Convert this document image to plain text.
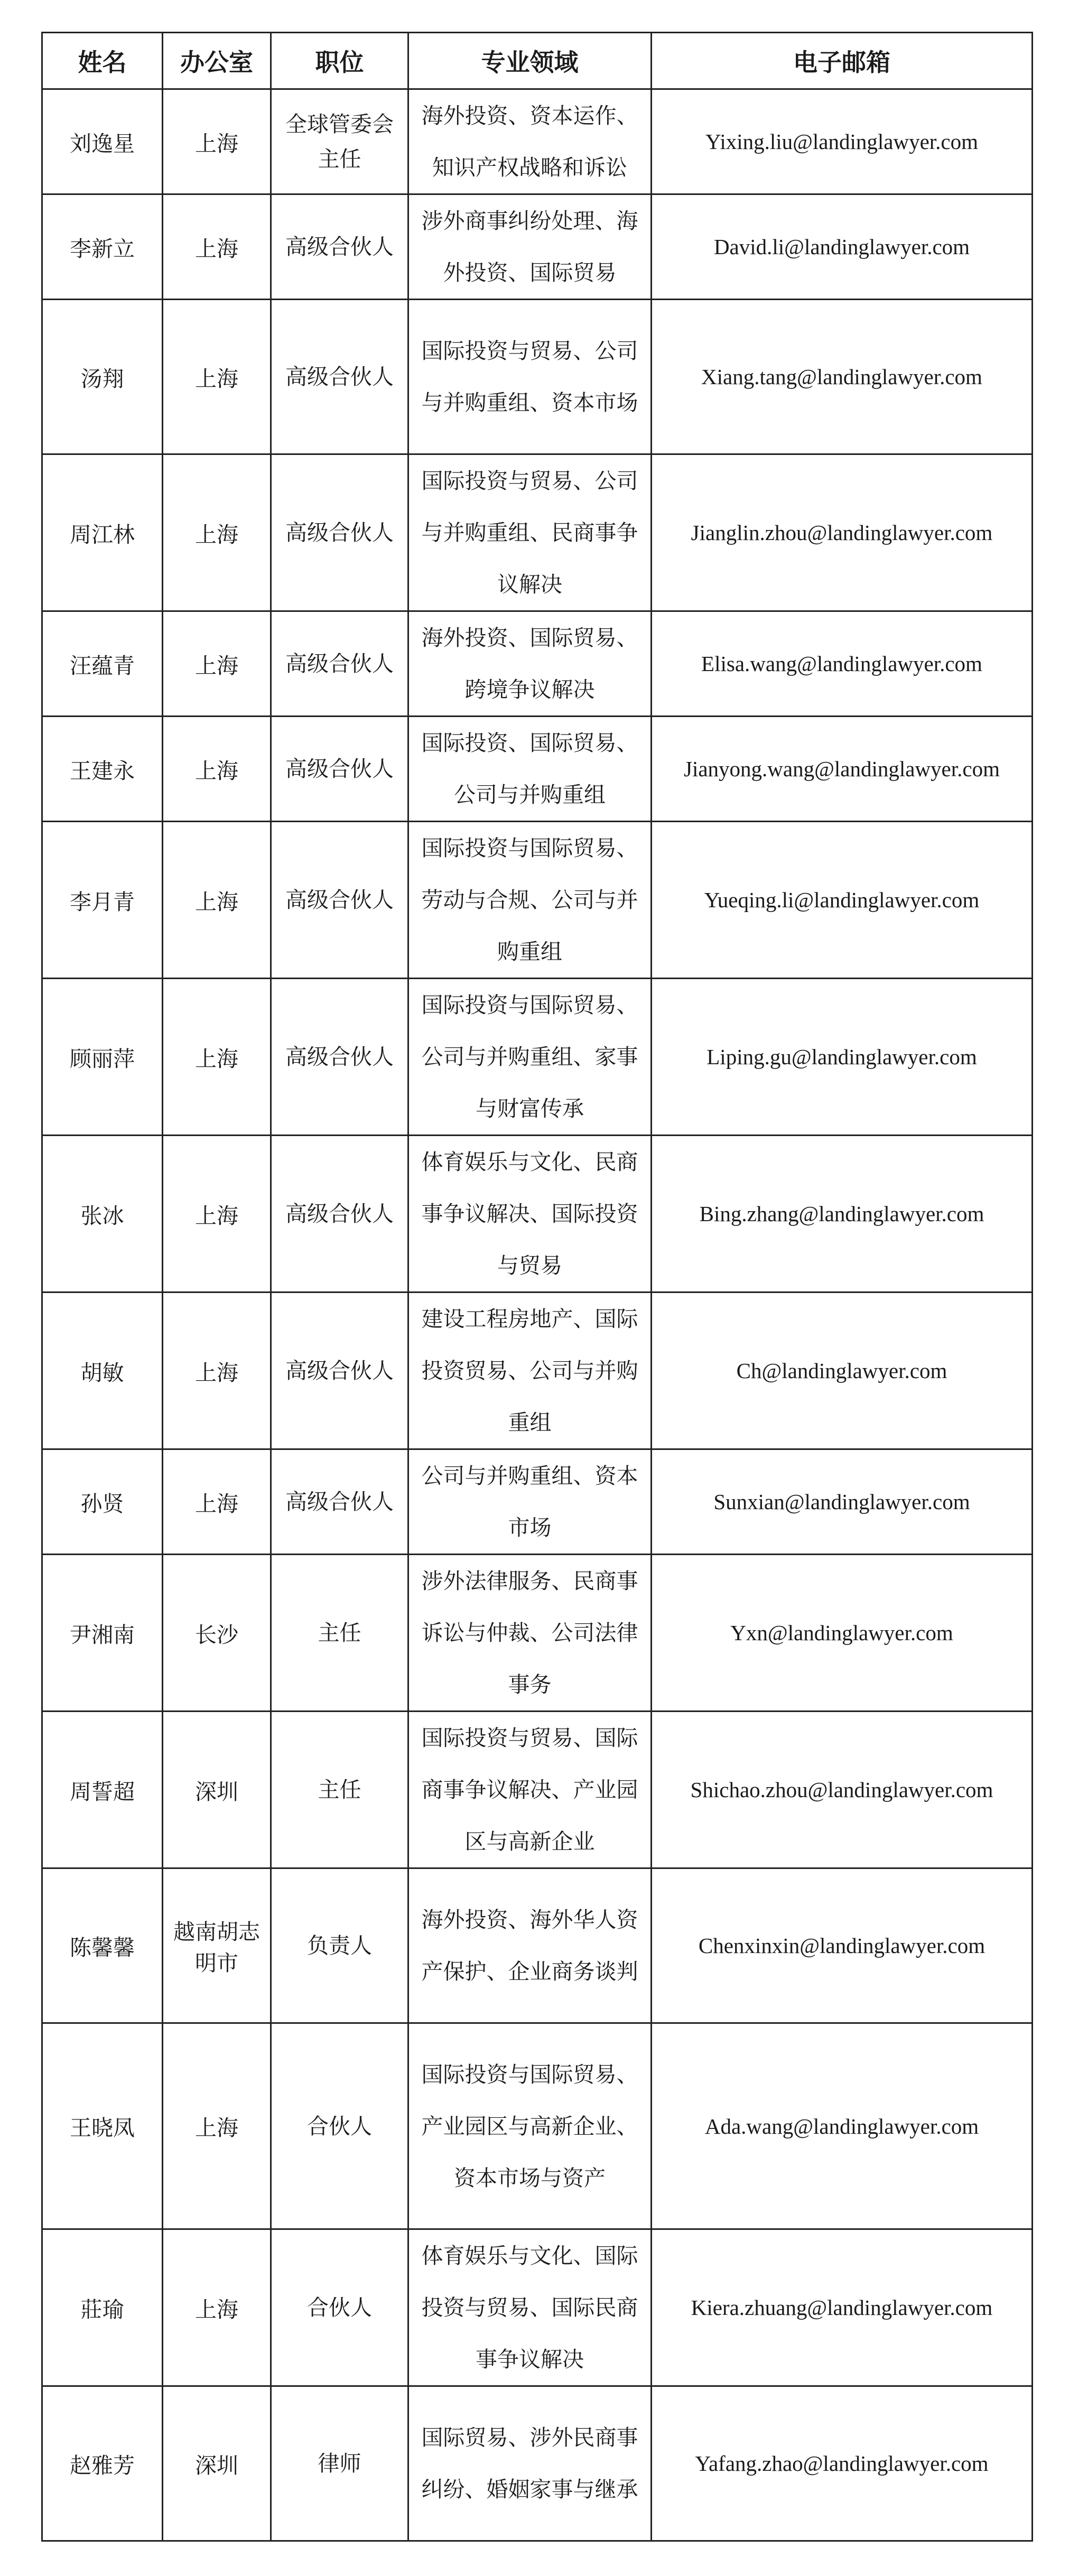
姓名	办公室	职位	专业领域	电子邮箱
刘逸星	上海	全球管委会主任	海外投资、资本运作、知识产权战略和诉讼	Yixing.liu@landinglawyer.com
李新立	上海	高级合伙人	涉外商事纠纷处理、海外投资、国际贸易	David.li@landinglawyer.com
汤翔	上海	高级合伙人	国际投资与贸易、公司与并购重组、资本市场	Xiang.tang@landinglawyer.com
周江林	上海	高级合伙人	国际投资与贸易、公司与并购重组、民商事争议解决	Jianglin.zhou@landinglawyer.com
汪蕴青	上海	高级合伙人	海外投资、国际贸易、跨境争议解决	Elisa.wang@landinglawyer.com
王建永	上海	高级合伙人	国际投资、国际贸易、公司与并购重组	Jianyong.wang@landinglawyer.com
李月青	上海	高级合伙人	国际投资与国际贸易、劳动与合规、公司与并购重组	Yueqing.li@landinglawyer.com
顾丽萍	上海	高级合伙人	国际投资与国际贸易、公司与并购重组、家事与财富传承	Liping.gu@landinglawyer.com
张冰	上海	高级合伙人	体育娱乐与文化、民商事争议解决、国际投资与贸易	Bing.zhang@landinglawyer.com
胡敏	上海	高级合伙人	建设工程房地产、国际投资贸易、公司与并购重组	Ch@landinglawyer.com
孙贤	上海	高级合伙人	公司与并购重组、资本市场	Sunxian@landinglawyer.com
尹湘南	长沙	主任	涉外法律服务、民商事诉讼与仲裁、公司法律事务	Yxn@landinglawyer.com
周誓超	深圳	主任	国际投资与贸易、国际商事争议解决、产业园区与高新企业	Shichao.zhou@landinglawyer.com
陈馨馨	越南胡志明市	负责人	海外投资、海外华人资产保护、企业商务谈判	Chenxinxin@landinglawyer.com
王晓凤	上海	合伙人	国际投资与国际贸易、产业园区与高新企业、资本市场与资产	Ada.wang@landinglawyer.com
莊瑜	上海	合伙人	体育娱乐与文化、国际投资与贸易、国际民商事争议解决	Kiera.zhuang@landinglawyer.com
赵雅芳	深圳	律师	国际贸易、涉外民商事纠纷、婚姻家事与继承	Yafang.zhao@landinglawyer.com
